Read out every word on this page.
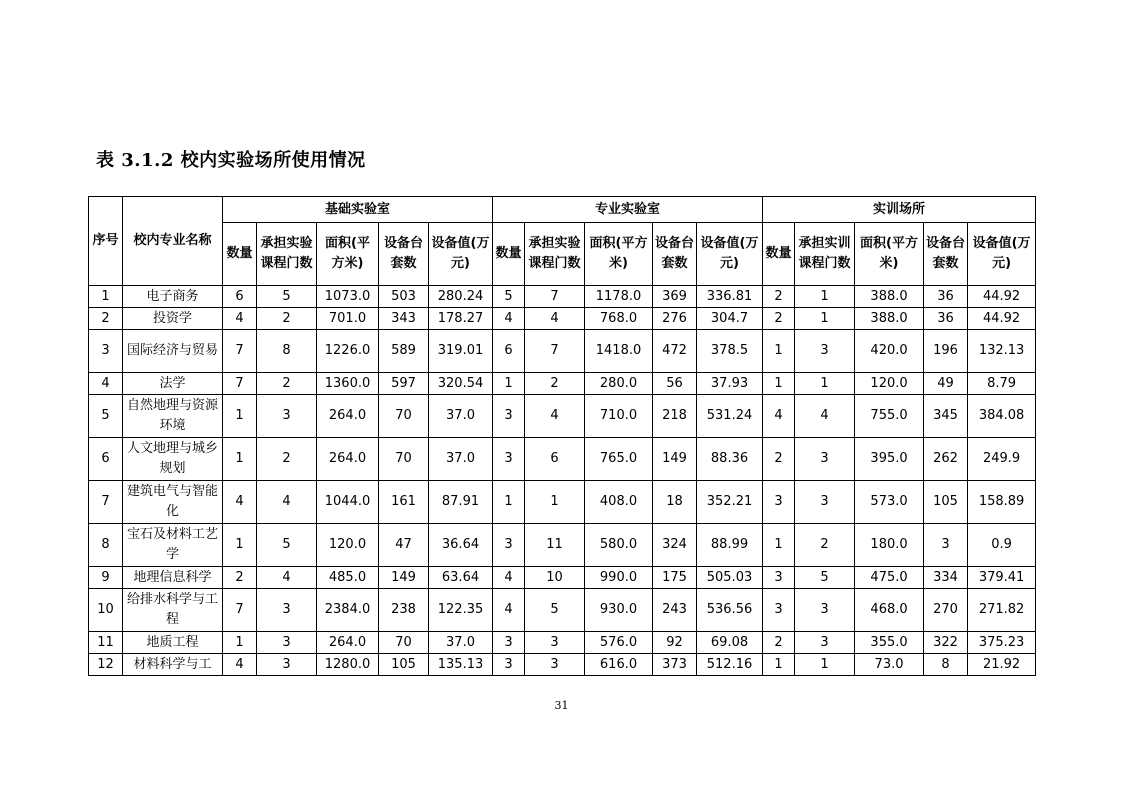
表 3.1.2 校内实验场所使用情况
序号	校内专业名称	基础实验室					专业实验室					实训场所				
		数量	承担实验课程门数	面积(平方米)	设备台套数	设备值(万元)	数量	承担实验课程门数	面积(平方米)	设备台套数	设备值(万元)	数量	承担实训课程门数	面积(平方米)	设备台套数	设备值(万元)
1	电子商务	6	5	1073.0	503	280.24	5	7	1178.0	369	336.81	2	1	388.0	36	44.92
2	投资学	4	2	701.0	343	178.27	4	4	768.0	276	304.7	2	1	388.0	36	44.92
3	国际经济与贸易	7	8	1226.0	589	319.01	6	7	1418.0	472	378.5	1	3	420.0	196	132.13
4	法学	7	2	1360.0	597	320.54	1	2	280.0	56	37.93	1	1	120.0	49	8.79
5	自然地理与资源环境	1	3	264.0	70	37.0	3	4	710.0	218	531.24	4	4	755.0	345	384.08
6	人文地理与城乡规划	1	2	264.0	70	37.0	3	6	765.0	149	88.36	2	3	395.0	262	249.9
7	建筑电气与智能化	4	4	1044.0	161	87.91	1	1	408.0	18	352.21	3	3	573.0	105	158.89
8	宝石及材料工艺学	1	5	120.0	47	36.64	3	11	580.0	324	88.99	1	2	180.0	3	0.9
9	地理信息科学	2	4	485.0	149	63.64	4	10	990.0	175	505.03	3	5	475.0	334	379.41
10	给排水科学与工程	7	3	2384.0	238	122.35	4	5	930.0	243	536.56	3	3	468.0	270	271.82
11	地质工程	1	3	264.0	70	37.0	3	3	576.0	92	69.08	2	3	355.0	322	375.23
12	材料科学与工	4	3	1280.0	105	135.13	3	3	616.0	373	512.16	1	1	73.0	8	21.92
31
